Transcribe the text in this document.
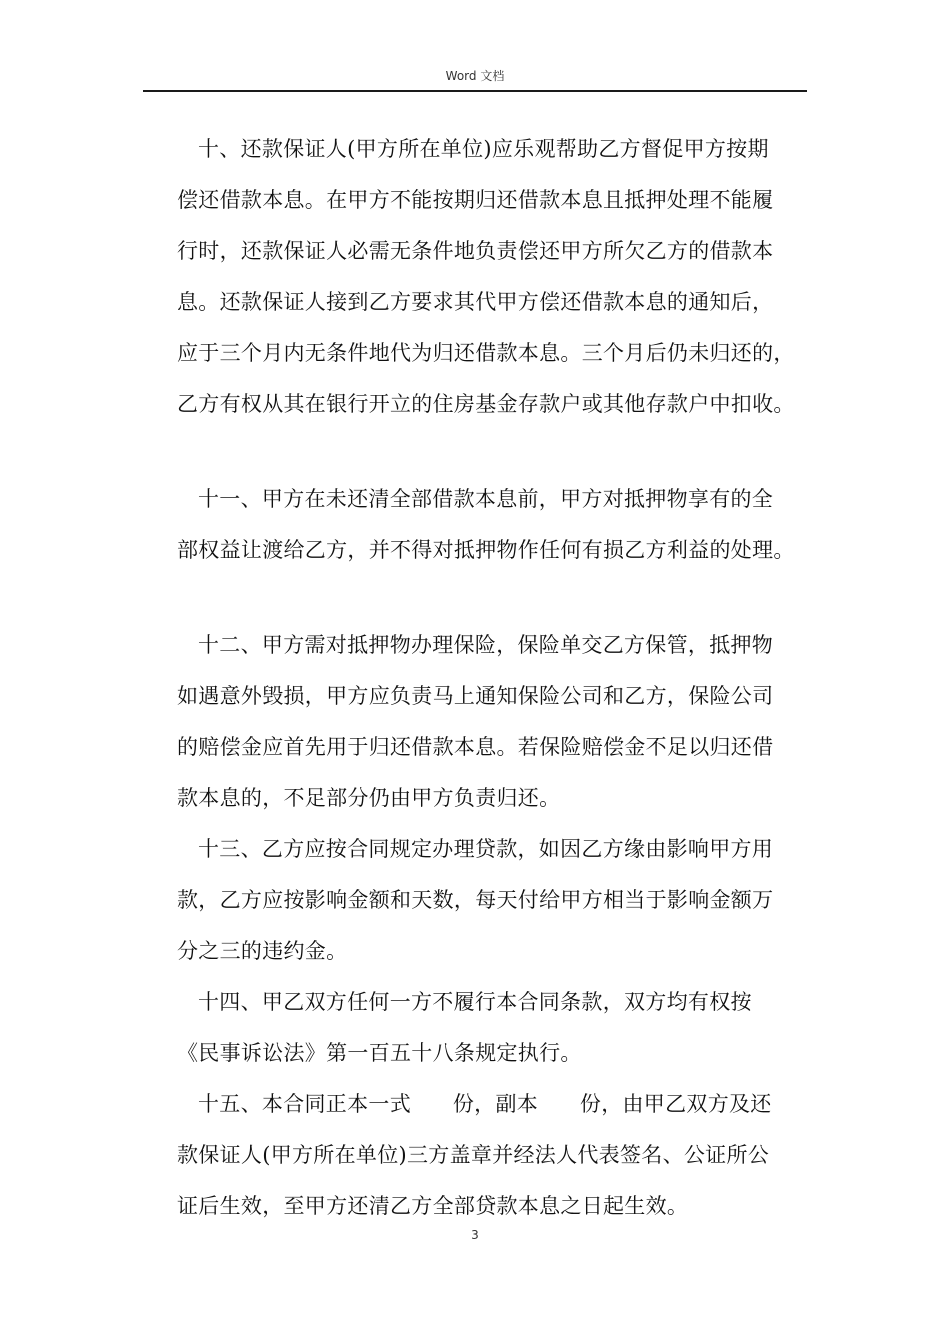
Word 文档
十、还款保证人(甲方所在单位)应乐观帮助乙方督促甲方按期
偿还借款本息。在甲方不能按期归还借款本息且抵押处理不能履
行时，还款保证人必需无条件地负责偿还甲方所欠乙方的借款本
息。还款保证人接到乙方要求其代甲方偿还借款本息的通知后，
应于三个月内无条件地代为归还借款本息。三个月后仍未归还的，
乙方有权从其在银行开立的住房基金存款户或其他存款户中扣收。
十一、甲方在未还清全部借款本息前，甲方对抵押物享有的全
部权益让渡给乙方，并不得对抵押物作任何有损乙方利益的处理。
十二、甲方需对抵押物办理保险，保险单交乙方保管，抵押物
如遇意外毁损，甲方应负责马上通知保险公司和乙方，保险公司
的赔偿金应首先用于归还借款本息。若保险赔偿金不足以归还借
款本息的，不足部分仍由甲方负责归还。
十三、乙方应按合同规定办理贷款，如因乙方缘由影响甲方用
款，乙方应按影响金额和天数，每天付给甲方相当于影响金额万
分之三的违约金。
十四、甲乙双方任何一方不履行本合同条款，双方均有权按
《民事诉讼法》第一百五十八条规定执行。
十五、本合同正本一式      份，副本      份，由甲乙双方及还
款保证人(甲方所在单位)三方盖章并经法人代表签名、公证所公
证后生效，至甲方还清乙方全部贷款本息之日起生效。
3
